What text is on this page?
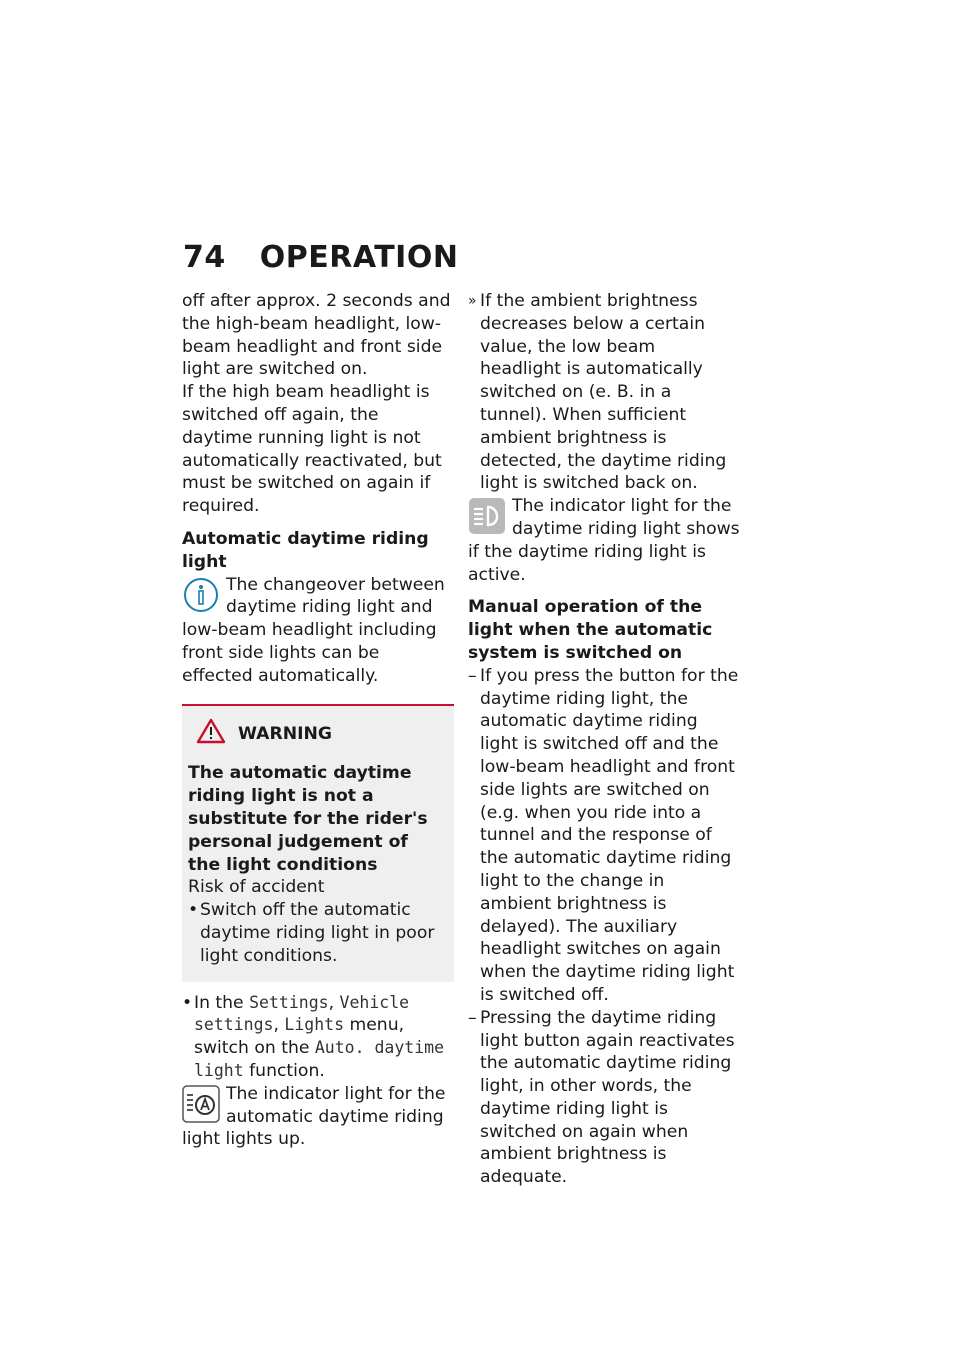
74 OPERATION

off after approx. 2 seconds and the high-beam headlight, low-beam headlight and front side light are switched on.

If the high beam headlight is switched off again, the daytime running light is not automatically reactivated, but must be switched on again if required.

Automatic daytime riding light

The changeover between daytime riding light and low-beam headlight including front side lights can be effected automatically.

WARNING

The automatic daytime riding light is not a substitute for the rider's personal judgement of the light conditions

Risk of accident

• Switch off the automatic daytime riding light in poor light conditions.
• In the Settings, Vehicle settings, Lights menu, switch on the Auto. daytime light function.

The indicator light for the automatic daytime riding light lights up.

» If the ambient brightness decreases below a certain value, the low beam headlight is automatically switched on (e. B. in a tunnel). When sufficient ambient brightness is detected, the daytime riding light is switched back on.

The indicator light for the daytime riding light shows if the daytime riding light is active.

Manual operation of the light when the automatic system is switched on

– If you press the button for the daytime riding light, the automatic daytime riding light is switched off and the low-beam headlight and front side lights are switched on (e.g. when you ride into a tunnel and the response of the automatic daytime riding light to the change in ambient brightness is delayed). The auxiliary headlight switches on again when the daytime riding light is switched off.
– Pressing the daytime riding light button again reactivates the automatic daytime riding light, in other words, the daytime riding light is switched on again when ambient brightness is adequate.
